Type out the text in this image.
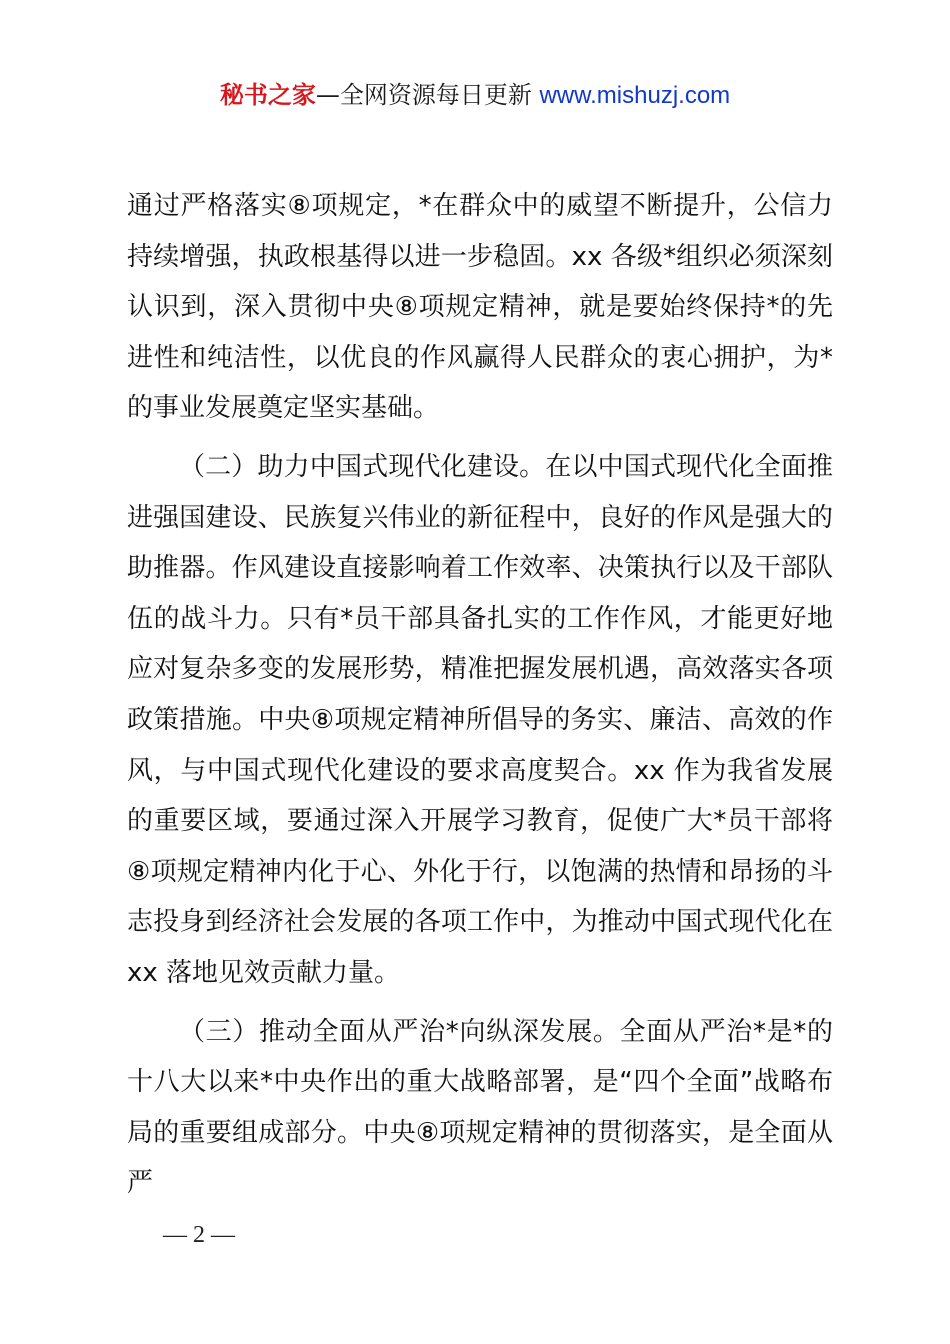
秘书之家—全网资源每日更新 www.mishuzj.com

通过严格落实⑧项规定，*在群众中的威望不断提升，公信力持续增强，执政根基得以进一步稳固。xx 各级*组织必须深刻认识到，深入贯彻中央⑧项规定精神，就是要始终保持*的先进性和纯洁性，以优良的作风赢得人民群众的衷心拥护，为*的事业发展奠定坚实基础。

（二）助力中国式现代化建设。在以中国式现代化全面推进强国建设、民族复兴伟业的新征程中，良好的作风是强大的助推器。作风建设直接影响着工作效率、决策执行以及干部队伍的战斗力。只有*员干部具备扎实的工作作风，才能更好地应对复杂多变的发展形势，精准把握发展机遇，高效落实各项政策措施。中央⑧项规定精神所倡导的务实、廉洁、高效的作风，与中国式现代化建设的要求高度契合。xx 作为我省发展的重要区域，要通过深入开展学习教育，促使广大*员干部将⑧项规定精神内化于心、外化于行，以饱满的热情和昂扬的斗志投身到经济社会发展的各项工作中，为推动中国式现代化在 xx 落地见效贡献力量。

（三）推动全面从严治*向纵深发展。全面从严治*是*的十八大以来*中央作出的重大战略部署，是“四个全面”战略布局的重要组成部分。中央⑧项规定精神的贯彻落实，是全面从严

— 2 —
